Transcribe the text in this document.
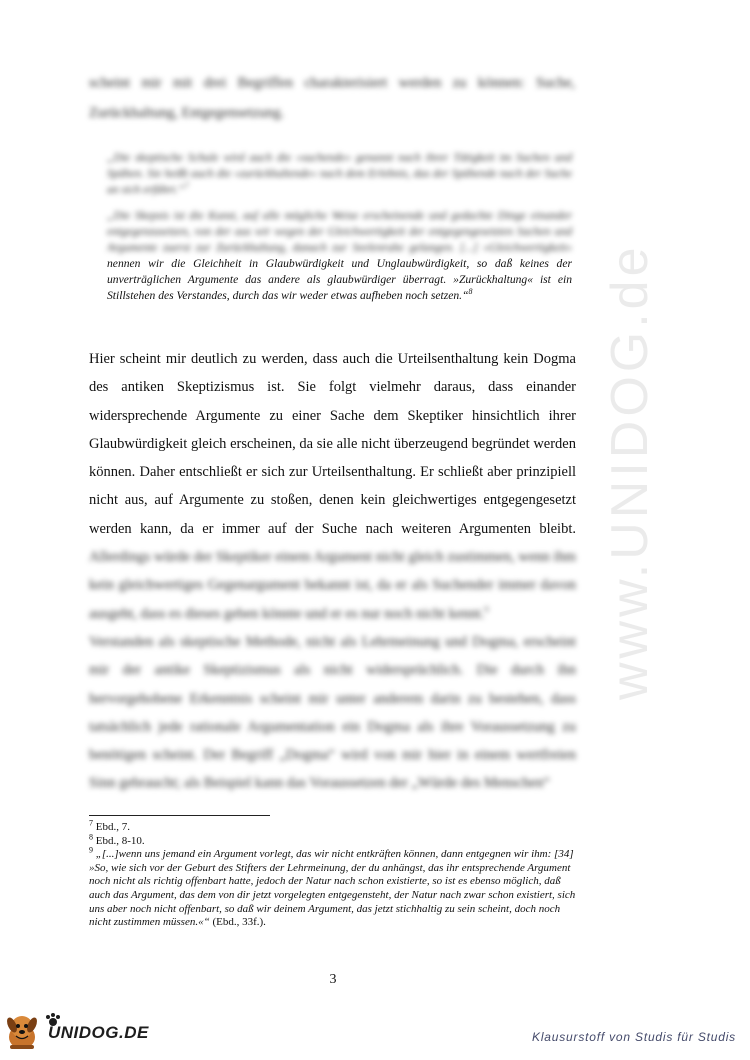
www.UNIDOG.de
scheint mir mit drei Begriffen charakterisiert werden zu können: Suche, Zurückhaltung, Entgegensetzung.
„Die skeptische Schule wird auch die »suchende« genannt nach ihrer Tätigkeit im Suchen und Spähen. Sie heißt auch die »zurückhaltende« nach dem Erlebnis, das der Spähende nach der Suche an sich erfährt.“$^7$
„Die Skepsis ist die Kunst, auf alle mögliche Weise erscheinende und gedachte Dinge einander entgegenzusetzen, von der aus wir wegen der Gleichwertigkeit der entgegengesetzten Sachen und Argumente zuerst zur Zurückhaltung, danach zur Seelenruhe gelangen. [...] »Gleichwertigkeit«
nennen wir die Gleichheit in Glaubwürdigkeit und Unglaubwürdigkeit, so daß keines der unverträglichen Argumente das andere als glaubwürdiger überragt. »Zurückhaltung« ist ein Stillstehen des Verstandes, durch das wir weder etwas aufheben noch setzen.“$^8$

Hier scheint mir deutlich zu werden, dass auch die Urteilsenthaltung kein Dogma des antiken Skeptizismus ist. Sie folgt vielmehr daraus, dass einander widersprechende Argumente zu einer Sache dem Skeptiker hinsichtlich ihrer Glaubwürdigkeit gleich erscheinen, da sie alle nicht überzeugend begründet werden können. Daher entschließt er sich zur Urteilsenthaltung. Er schließt aber prinzipiell nicht aus, auf Argumente zu stoßen, denen kein gleichwertiges entgegengesetzt werden kann, da er immer auf der Suche nach weiteren Argumenten bleibt.

Allerdings würde der Skeptiker einem Argument nicht gleich zustimmen, wenn ihm kein gleichwertiges Gegenargument bekannt ist, da er als Suchender immer davon ausgeht, dass es dieses geben könnte und er es nur noch nicht kennt.$^9$

Verstanden als skeptische Methode, nicht als Lehrmeinung und Dogma, erscheint mir der antike Skeptizismus als nicht widersprüchlich. Die durch ihn hervorgehobene Erkenntnis scheint mir unter anderem darin zu bestehen, dass tatsächlich jede rationale Argumentation ein Dogma als ihre Voraussetzung zu benötigen scheint. Der Begriff „Dogma“ wird von mir hier in einem wertfreien Sinn gebraucht; als Beispiel kann das Voraussetzen der „Würde des Menschen“

$^7$ Ebd., 7.

$^8$ Ebd., 8-10.

$^9$ „[...]wenn uns jemand ein Argument vorlegt, das wir nicht entkräften können, dann entgegnen wir ihm: [34] »So, wie sich vor der Geburt des Stifters der Lehrmeinung, der du anhängst, das ihr entsprechende Argument noch nicht als richtig offenbart hatte, jedoch der Natur nach schon existierte, so ist es ebenso möglich, daß auch das Argument, das dem von dir jetzt vorgelegten entgegensteht, der Natur nach zwar schon existiert, sich uns aber noch nicht offenbart, so daß wir deinem Argument, das jetzt stichhaltig zu sein scheint, doch noch nicht zustimmen müssen.«“ (Ebd., 33f.).

3
UNIDOG.DE	Klausurstoff von Studis für Studis
